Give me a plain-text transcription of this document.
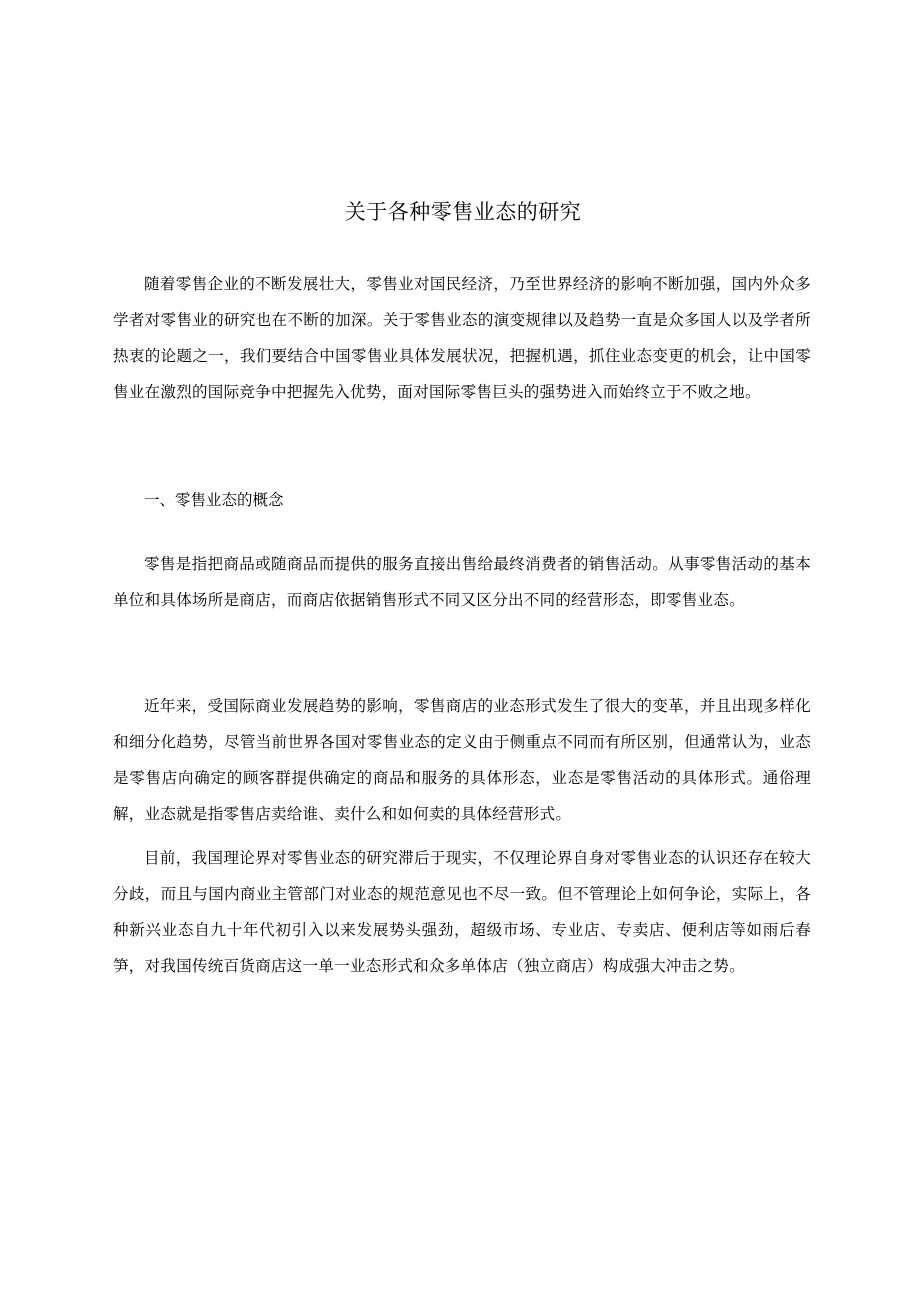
关于各种零售业态的研究

随着零售企业的不断发展壮大，零售业对国民经济，乃至世界经济的影响不断加强，国内外众多学者对零售业的研究也在不断的加深。关于零售业态的演变规律以及趋势一直是众多国人以及学者所热衷的论题之一，我们要结合中国零售业具体发展状况，把握机遇，抓住业态变更的机会，让中国零售业在激烈的国际竞争中把握先入优势，面对国际零售巨头的强势进入而始终立于不败之地。

一、零售业态的概念

零售是指把商品或随商品而提供的服务直接出售给最终消费者的销售活动。从事零售活动的基本单位和具体场所是商店，而商店依据销售形式不同又区分出不同的经营形态，即零售业态。

近年来，受国际商业发展趋势的影响，零售商店的业态形式发生了很大的变革，并且出现多样化和细分化趋势，尽管当前世界各国对零售业态的定义由于侧重点不同而有所区别，但通常认为，业态是零售店向确定的顾客群提供确定的商品和服务的具体形态，业态是零售活动的具体形式。通俗理解，业态就是指零售店卖给谁、卖什么和如何卖的具体经营形式。

目前，我国理论界对零售业态的研究滞后于现实，不仅理论界自身对零售业态的认识还存在较大分歧，而且与国内商业主管部门对业态的规范意见也不尽一致。但不管理论上如何争论，实际上，各种新兴业态自九十年代初引入以来发展势头强劲，超级市场、专业店、专卖店、便利店等如雨后春笋，对我国传统百货商店这一单一业态形式和众多单体店（独立商店）构成强大冲击之势。
